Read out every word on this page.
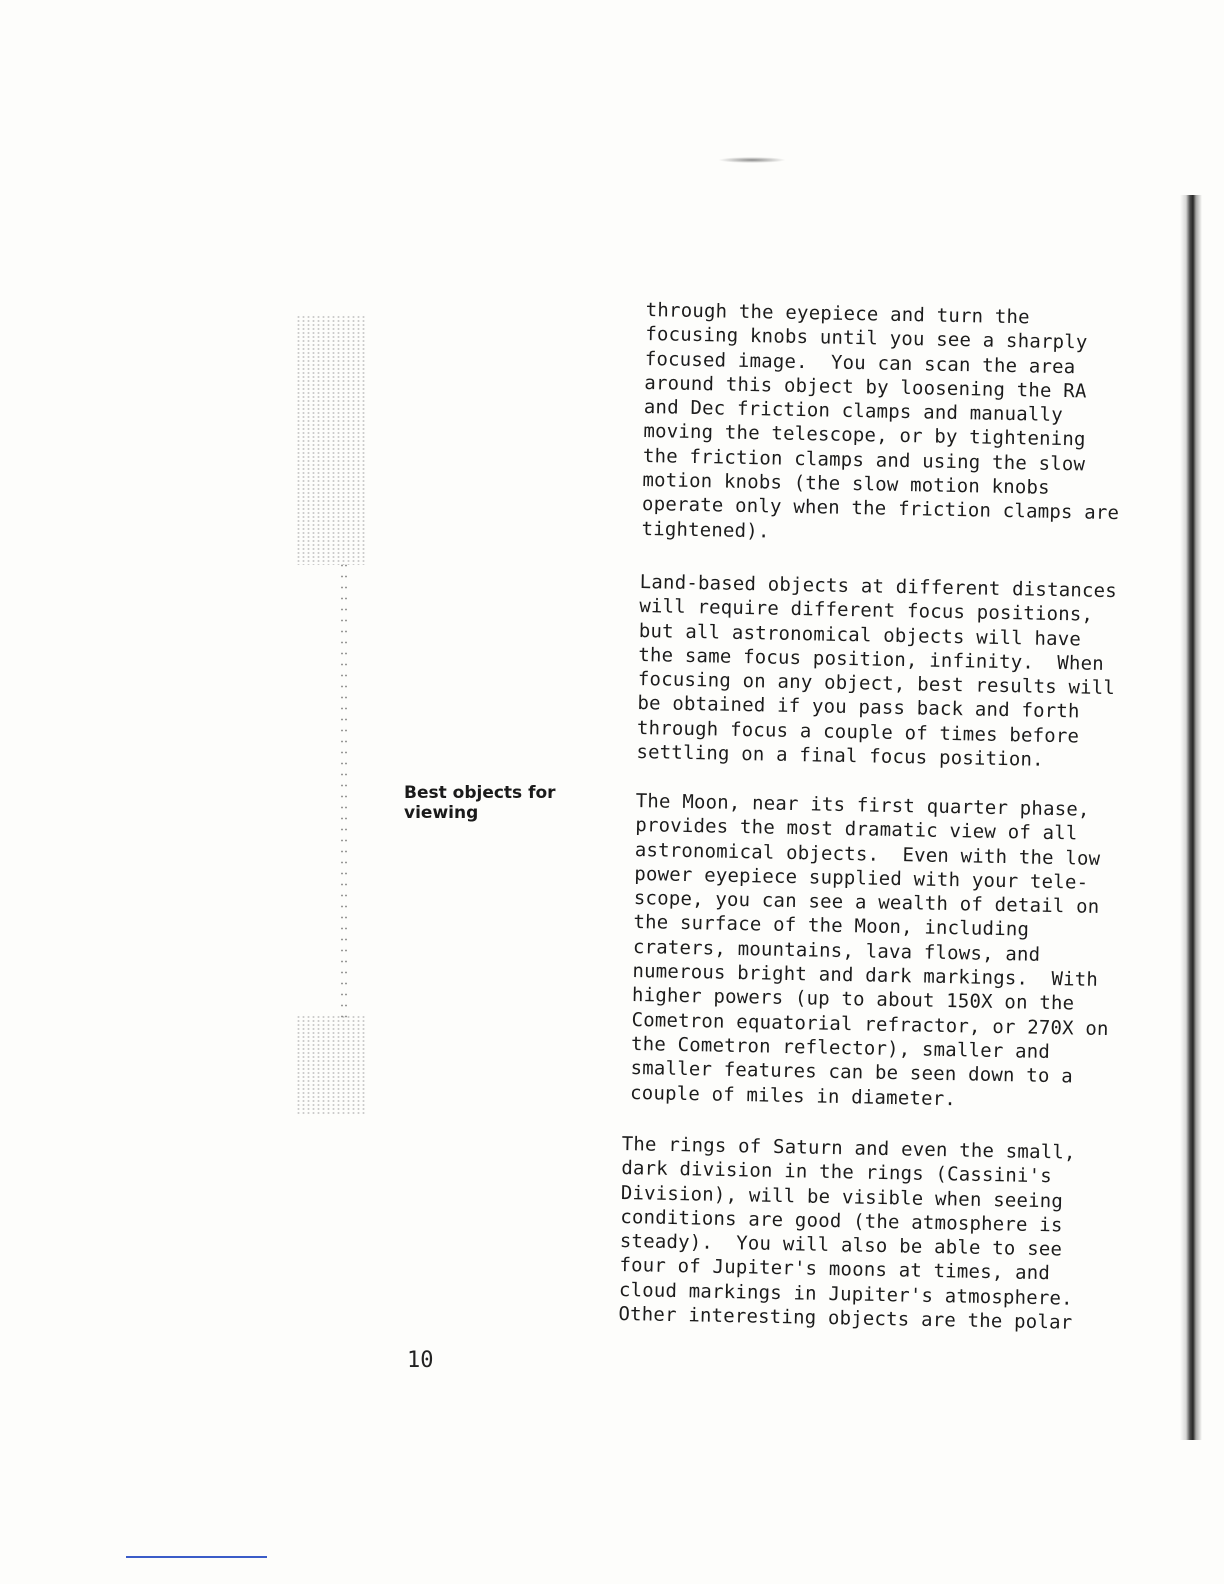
through the eyepiece and turn the
focusing knobs until you see a sharply
focused image.  You can scan the area
around this object by loosening the RA
and Dec friction clamps and manually
moving the telescope, or by tightening
the friction clamps and using the slow
motion knobs (the slow motion knobs
operate only when the friction clamps are
tightened).

Land-based objects at different distances
will require different focus positions,
but all astronomical objects will have
the same focus position, infinity.  When
focusing on any object, best results will
be obtained if you pass back and forth
through focus a couple of times before
settling on a final focus position.

Best objects for
viewing	The Moon, near its first quarter phase,
provides the most dramatic view of all
astronomical objects.  Even with the low
power eyepiece supplied with your tele-
scope, you can see a wealth of detail on
the surface of the Moon, including
craters, mountains, lava flows, and
numerous bright and dark markings.  With
higher powers (up to about 150X on the
Cometron equatorial refractor, or 270X on
the Cometron reflector), smaller and
smaller features can be seen down to a
couple of miles in diameter.

The rings of Saturn and even the small,
dark division in the rings (Cassini's
Division), will be visible when seeing
conditions are good (the atmosphere is
steady).  You will also be able to see
four of Jupiter's moons at times, and
cloud markings in Jupiter's atmosphere.
Other interesting objects are the polar

10
